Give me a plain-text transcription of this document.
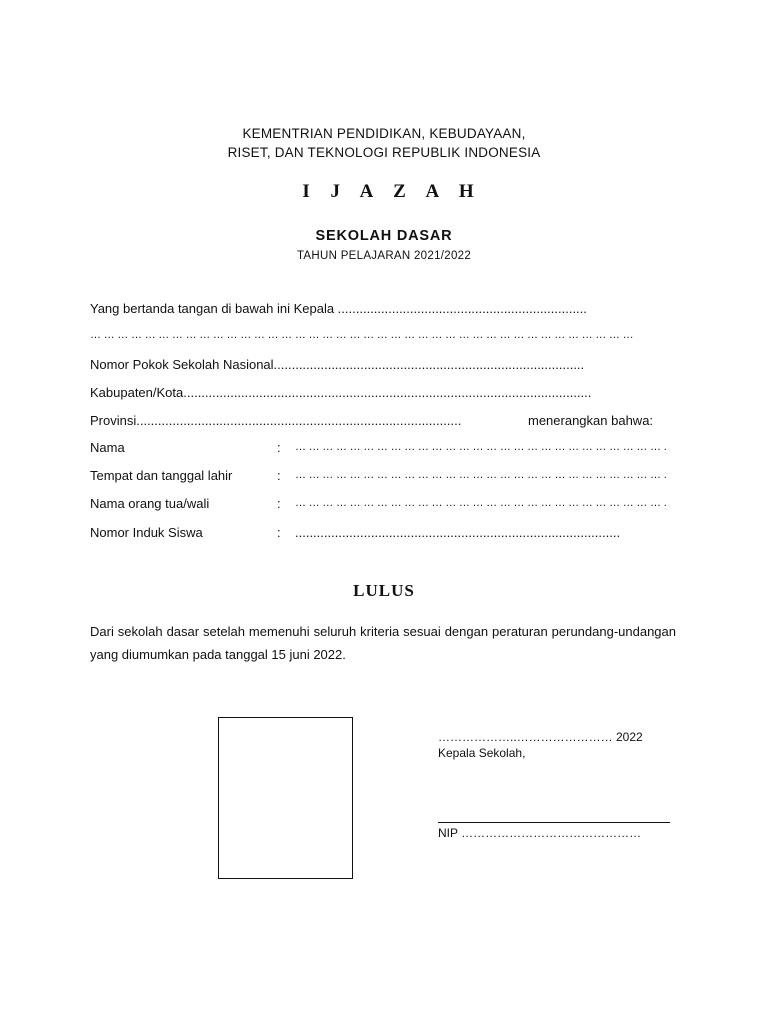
KEMENTRIAN PENDIDIKAN, KEBUDAYAAN,
RISET, DAN TEKNOLOGI REPUBLIK INDONESIA
I J A Z A H
SEKOLAH DASAR
TAHUN PELAJARAN 2021/2022
Yang bertanda tangan di bawah ini Kepala .....................................................................
… … … … … … … … … … … … … … … … … … … … … … … … … … … … … … … … … … … … … … … …
Nomor Pokok Sekolah Nasional......................................................................................
Kabupaten/Kota.................................................................................................................
Provinsi..........................................................................................	menerangkan bahwa:
Nama	: … … … … … … … … … … … … … … … … … … … … … … … … … … … .
Tempat dan tanggal lahir	: … … … … … … … … … … … … … … … … … … … … … … … … … … … .
Nama orang tua/wali	: … … … … … … … … … … … … … … … … … … … … … … … … … … … .
Nomor Induk Siswa	: ..........................................................................................
LULUS
Dari sekolah dasar setelah memenuhi seluruh kriteria sesuai dengan peraturan perundang-undangan yang diumumkan pada tanggal 15 juni 2022.
………………..…………………… 2022
Kepala Sekolah,
NIP ………………………………………
